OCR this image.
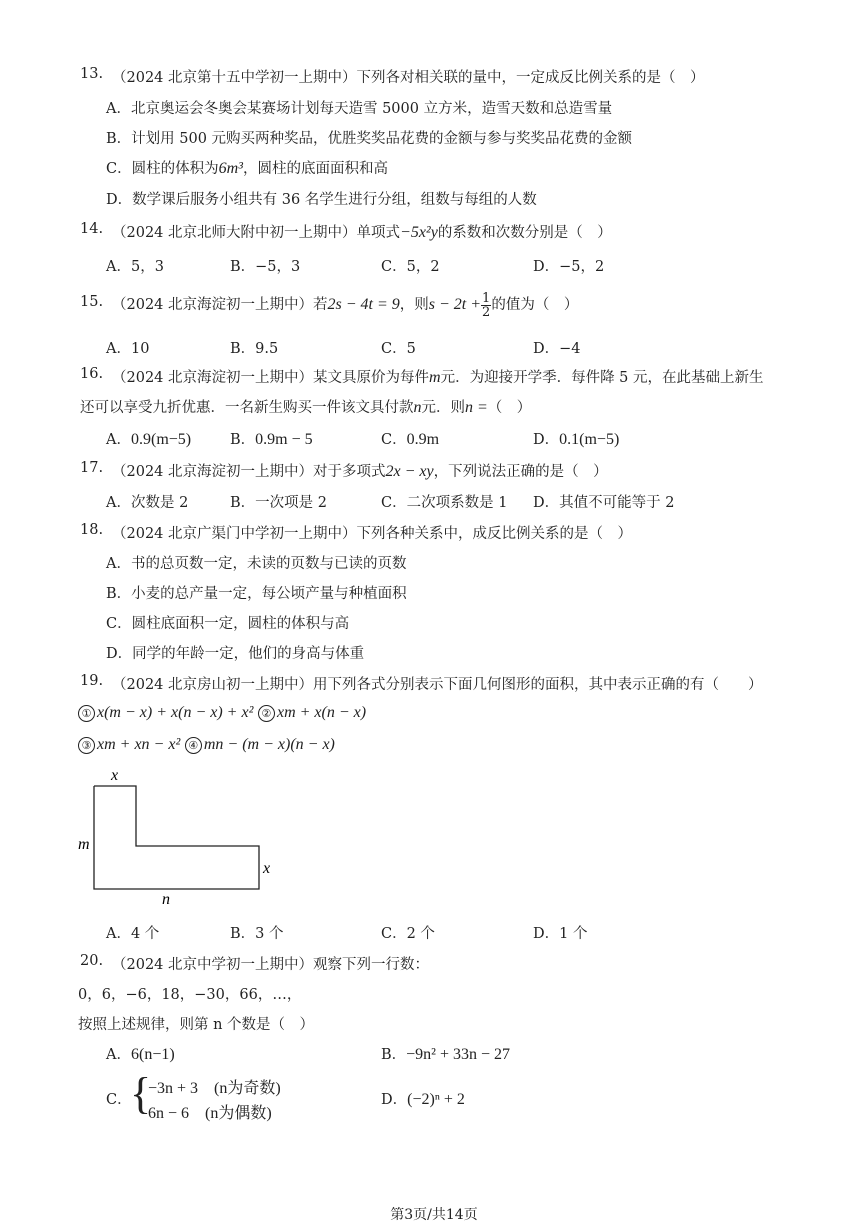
13. （2024 北京第十五中学初一上期中）下列各对相关联的量中，一定成反比例关系的是（　）
A．北京奥运会冬奥会某赛场计划每天造雪 5000 立方米，造雪天数和总造雪量
B．计划用 500 元购买两种奖品，优胜奖奖品花费的金额与参与奖奖品花费的金额
C．圆柱的体积为6m³，圆柱的底面面积和高
D．数学课后服务小组共有 36 名学生进行分组，组数与每组的人数
14. （2024 北京北师大附中初一上期中）单项式−5x²y的系数和次数分别是（　）
A．5，3	B．−5，3	C．5，2	D．−5，2
15. （2024 北京海淀初一上期中）若2s − 4t = 9，则$s - 2t + \frac{1}{2}$ 的值为（　）
A．10	B．9.5	C．5	D．−4
16. （2024 北京海淀初一上期中）某文具原价为每件m元．为迎接开学季．每件降 5 元，在此基础上新生
还可以享受九折优惠．一名新生购买一件该文具付款n元．则n =（　）
A．0.9(m−5)	B．0.9m − 5	C．0.9m	D．0.1(m−5)
17. （2024 北京海淀初一上期中）对于多项式2x − xy，下列说法正确的是（　）
A．次数是 2	B．一次项是 2	C．二次项系数是 1 D．其值不可能等于 2
18. （2024 北京广渠门中学初一上期中）下列各种关系中，成反比例关系的是（　）
A．书的总页数一定，未读的页数与已读的页数
B．小麦的总产量一定，每公顷产量与种植面积
C．圆柱底面积一定，圆柱的体积与高
D．同学的年龄一定，他们的身高与体重
19. （2024 北京房山初一上期中）用下列各式分别表示下面几何图形的面积，其中表示正确的有（　　）
① x(m − x) + x(n − x) + x² ② xm + x(n − x)
③ xm + xn − x² ④ mn − (m − x)(n − x)
x
m
x
n
A．4 个	B．3 个	C．2 个	D．1 个
20. （2024 北京中学初一上期中）观察下列一行数：
0，6，−6，18，−30，66，…，
按照上述规律，则第 n 个数是（　）
A．6(n−1)	B．−9n² + 33n − 27
C．
{
−3n + 3　(n为奇数)
6n − 6　(n为偶数)
D．(−2)ⁿ + 2
第3页/共14页
